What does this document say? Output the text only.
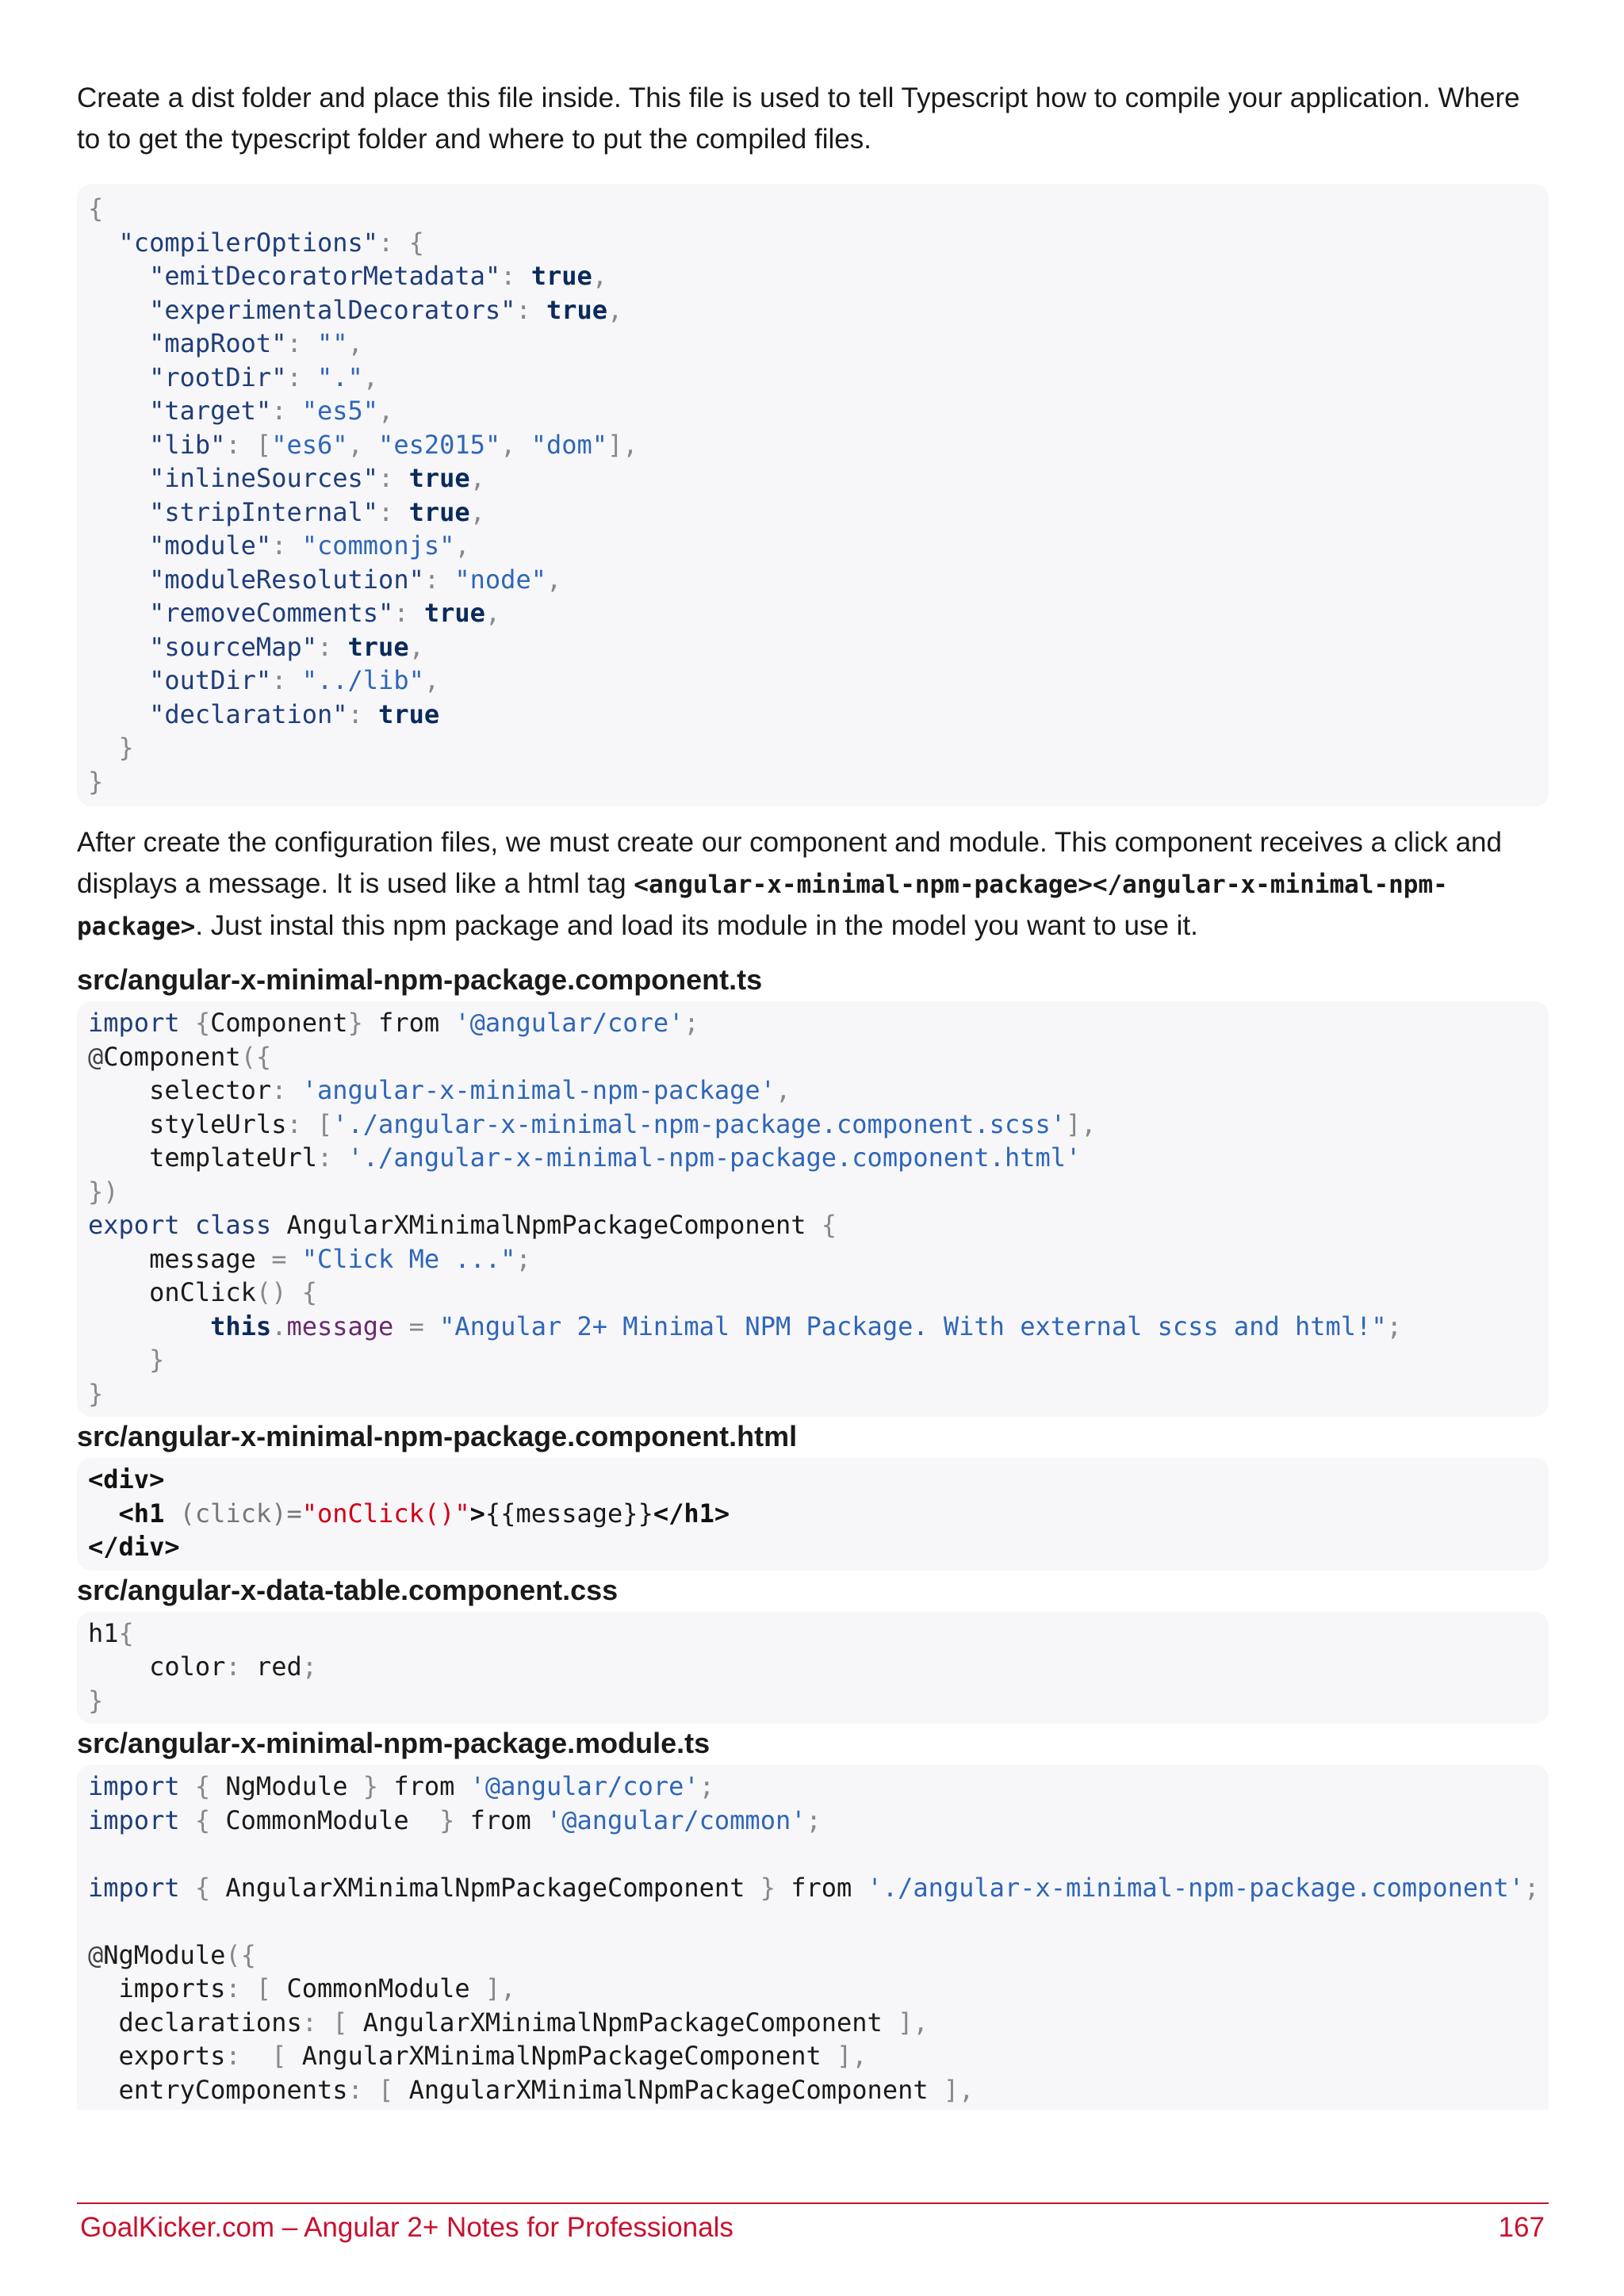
Create a dist folder and place this file inside. This file is used to tell Typescript how to compile your application. Where to to get the typescript folder and where to put the compiled files.

{
"compilerOptions": {
"emitDecoratorMetadata": true,
"experimentalDecorators": true,
"mapRoot": "",
"rootDir": ".",
"target": "es5",
"lib": ["es6", "es2015", "dom"],
"inlineSources": true,
"stripInternal": true,
"module": "commonjs",
"moduleResolution": "node",
"removeComments": true,
"sourceMap": true,
"outDir": "../lib",
"declaration": true
}
}

After create the configuration files, we must create our component and module. This component receives a click and displays a message. It is used like a html tag <angular-x-minimal-npm-package></angular-x-minimal-npm-package>. Just instal this npm package and load its module in the model you want to use it.

src/angular-x-minimal-npm-package.component.ts
import {Component} from '@angular/core';
@Component({
selector: 'angular-x-minimal-npm-package',
styleUrls: ['./angular-x-minimal-npm-package.component.scss'],
templateUrl: './angular-x-minimal-npm-package.component.html'
})
export class AngularXMinimalNpmPackageComponent {
message = "Click Me ...";
onClick() {
this.message = "Angular 2+ Minimal NPM Package. With external scss and html!";
}
}
src/angular-x-minimal-npm-package.component.html
<div>
<h1 (click)="onClick()">{{message}}</h1>
</div>
src/angular-x-data-table.component.css
h1{
color: red;
}
src/angular-x-minimal-npm-package.module.ts
import { NgModule } from '@angular/core';
import { CommonModule  } from '@angular/common';

import { AngularXMinimalNpmPackageComponent } from './angular-x-minimal-npm-package.component';

@NgModule({
imports: [ CommonModule ],
declarations: [ AngularXMinimalNpmPackageComponent ],
exports:  [ AngularXMinimalNpmPackageComponent ],
entryComponents: [ AngularXMinimalNpmPackageComponent ],
GoalKicker.com – Angular 2+ Notes for Professionals	167
